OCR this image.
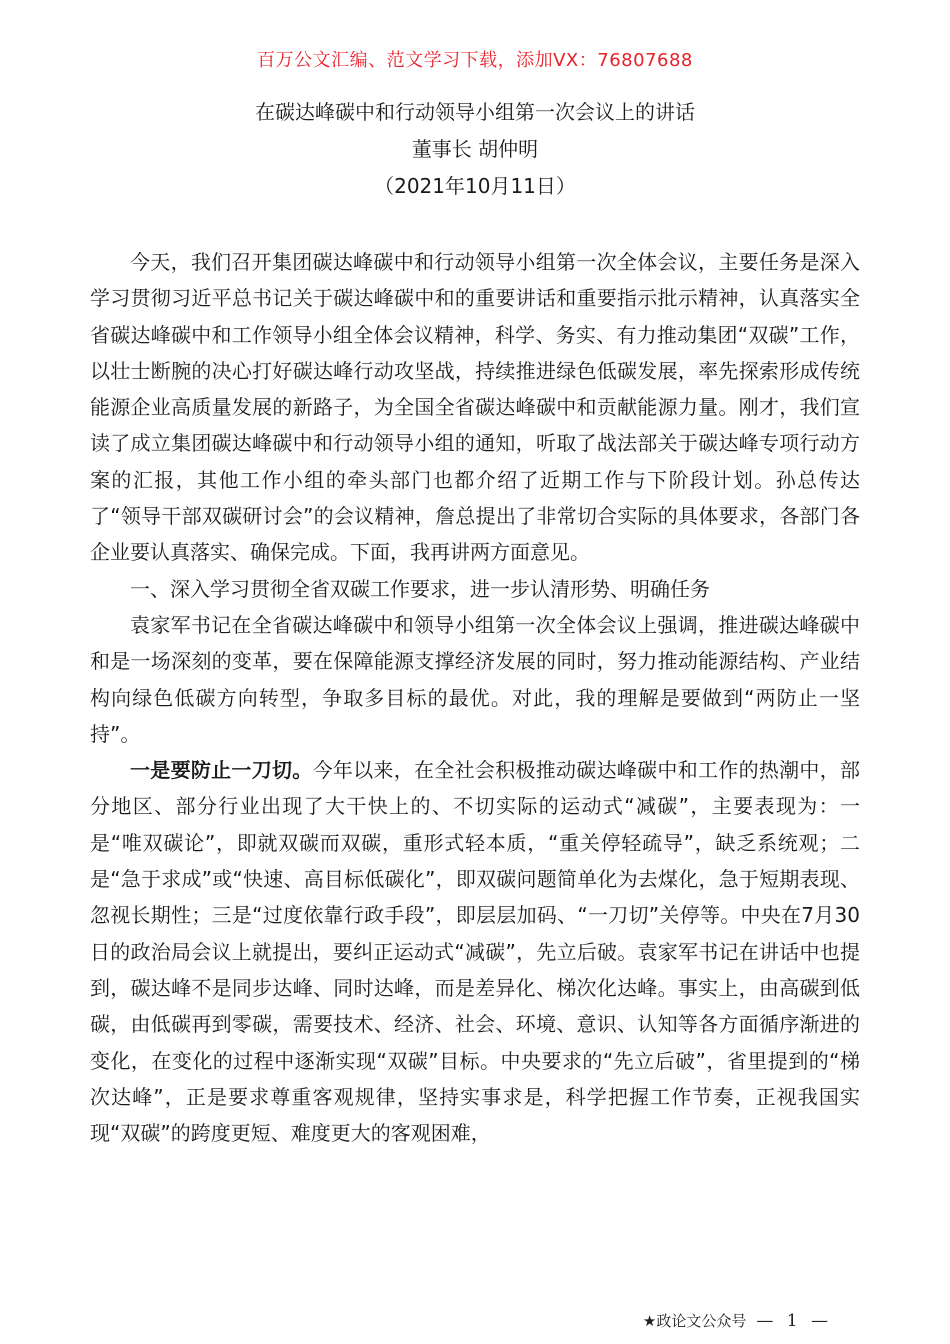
百万公文汇编、范文学习下载，添加VX：76807688
在碳达峰碳中和行动领导小组第一次会议上的讲话
董事长 胡仲明
（2021年10月11日）

今天，我们召开集团碳达峰碳中和行动领导小组第一次全体会议，主要任务是深入学习贯彻习近平总书记关于碳达峰碳中和的重要讲话和重要指示批示精神，认真落实全省碳达峰碳中和工作领导小组全体会议精神，科学、务实、有力推动集团“双碳”工作，以壮士断腕的决心打好碳达峰行动攻坚战，持续推进绿色低碳发展，率先探索形成传统能源企业高质量发展的新路子，为全国全省碳达峰碳中和贡献能源力量。刚才，我们宣读了成立集团碳达峰碳中和行动领导小组的通知，听取了战法部关于碳达峰专项行动方案的汇报，其他工作小组的牵头部门也都介绍了近期工作与下阶段计划。孙总传达了“领导干部双碳研讨会”的会议精神，詹总提出了非常切合实际的具体要求，各部门各企业要认真落实、确保完成。下面，我再讲两方面意见。

一、深入学习贯彻全省双碳工作要求，进一步认清形势、明确任务

袁家军书记在全省碳达峰碳中和领导小组第一次全体会议上强调，推进碳达峰碳中和是一场深刻的变革，要在保障能源支撑经济发展的同时，努力推动能源结构、产业结构向绿色低碳方向转型，争取多目标的最优。对此，我的理解是要做到“两防止一坚持”。

一是要防止一刀切。今年以来，在全社会积极推动碳达峰碳中和工作的热潮中，部分地区、部分行业出现了大干快上的、不切实际的运动式“减碳”，主要表现为：一是“唯双碳论”，即就双碳而双碳，重形式轻本质，“重关停轻疏导”，缺乏系统观；二是“急于求成”或“快速、高目标低碳化”，即双碳问题简单化为去煤化，急于短期表现、忽视长期性；三是“过度依靠行政手段”，即层层加码、“一刀切”关停等。中央在7月30日的政治局会议上就提出，要纠正运动式“减碳”，先立后破。袁家军书记在讲话中也提到，碳达峰不是同步达峰、同时达峰，而是差异化、梯次化达峰。事实上，由高碳到低碳，由低碳再到零碳，需要技术、经济、社会、环境、意识、认知等各方面循序渐进的变化，在变化的过程中逐渐实现“双碳”目标。中央要求的“先立后破”，省里提到的“梯次达峰”，正是要求尊重客观规律，坚持实事求是，科学把握工作节奏，正视我国实现“双碳”的跨度更短、难度更大的客观困难，

★政论文公众号 — 1 —
